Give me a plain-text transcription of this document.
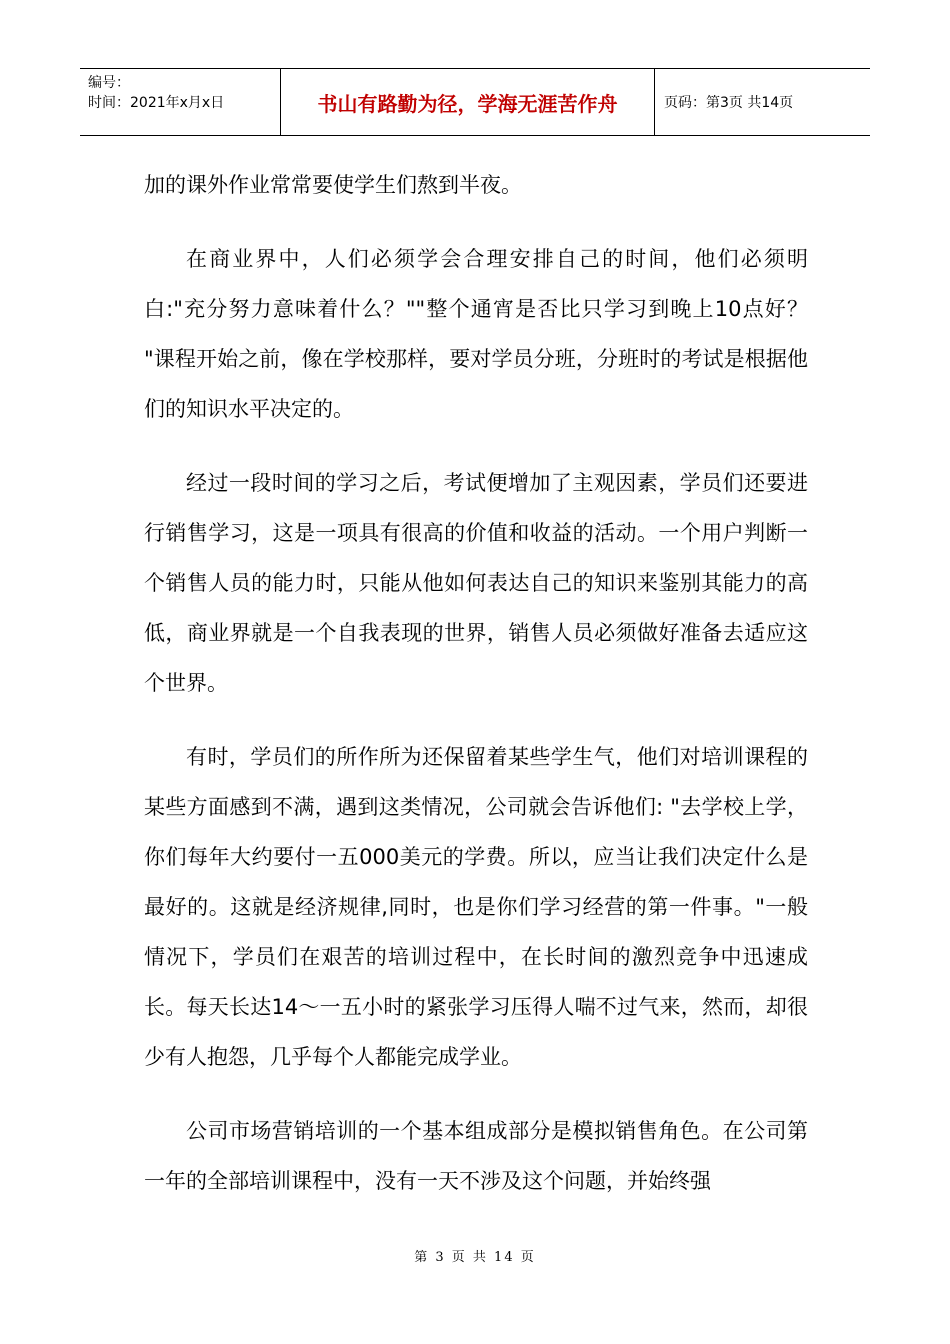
编号：
时间：2021年x月x日	书山有路勤为径，学海无涯苦作舟	页码：第3页 共14页

加的课外作业常常要使学生们熬到半夜。

在商业界中，人们必须学会合理安排自己的时间，他们必须明白:"充分努力意味着什么？""整个通宵是否比只学习到晚上10点好？ "课程开始之前，像在学校那样，要对学员分班，分班时的考试是根据他们的知识水平决定的。

经过一段时间的学习之后，考试便增加了主观因素，学员们还要进行销售学习，这是一项具有很高的价值和收益的活动。一个用户判断一个销售人员的能力时，只能从他如何表达自己的知识来鉴别其能力的高低，商业界就是一个自我表现的世界，销售人员必须做好准备去适应这个世界。

有时，学员们的所作所为还保留着某些学生气，他们对培训课程的某些方面感到不满，遇到这类情况，公司就会告诉他们: "去学校上学，你们每年大约要付一五000美元的学费。所以，应当让我们决定什么是最好的。这就是经济规律,同时，也是你们学习经营的第一件事。"一般情况下，学员们在艰苦的培训过程中，在长时间的激烈竞争中迅速成长。每天长达14～一五小时的紧张学习压得人喘不过气来，然而，却很少有人抱怨，几乎每个人都能完成学业。

公司市场营销培训的一个基本组成部分是模拟销售角色。在公司第一年的全部培训课程中，没有一天不涉及这个问题，并始终强

第 3 页 共 14 页
